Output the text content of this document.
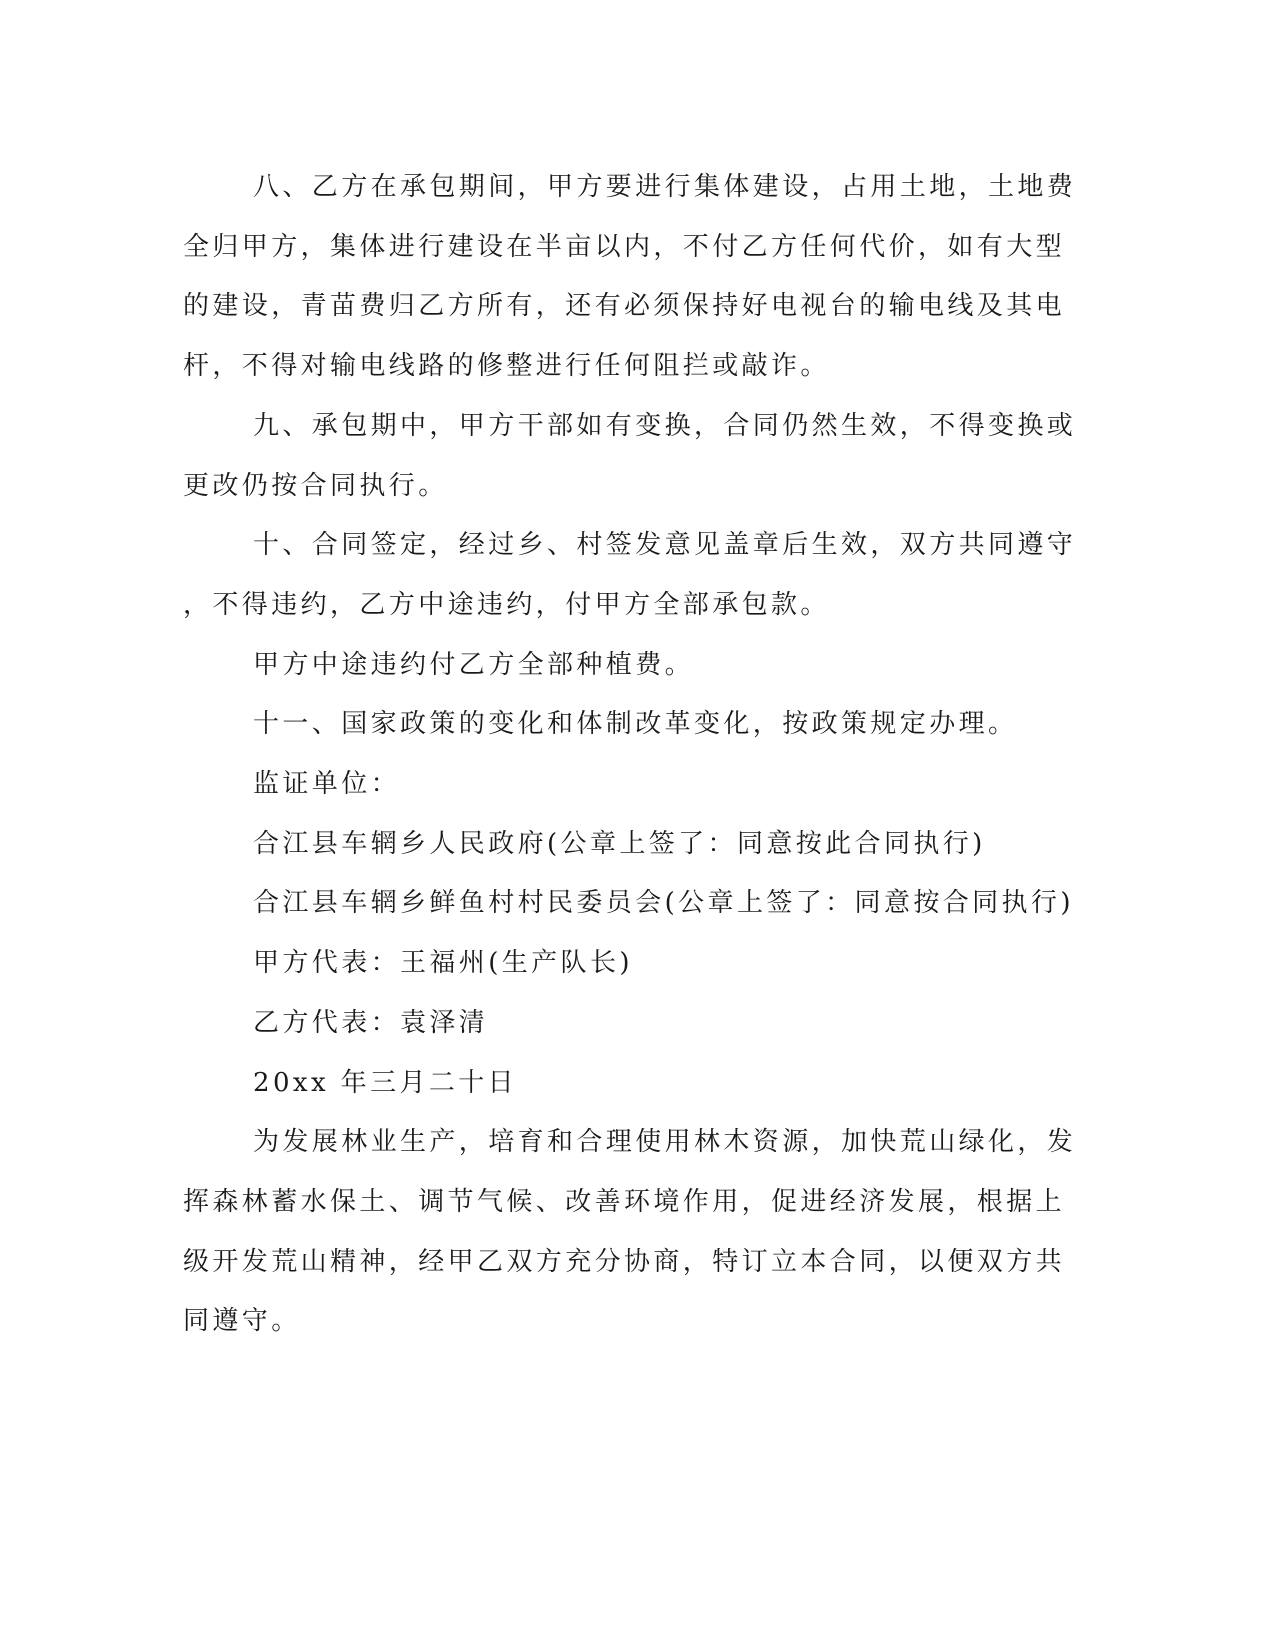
八、乙方在承包期间，甲方要进行集体建设，占用土地，土地费

全归甲方，集体进行建设在半亩以内，不付乙方任何代价，如有大型

的建设，青苗费归乙方所有，还有必须保持好电视台的输电线及其电

杆，不得对输电线路的修整进行任何阻拦或敲诈。

九、承包期中，甲方干部如有变换，合同仍然生效，不得变换或

更改仍按合同执行。

十、合同签定，经过乡、村签发意见盖章后生效，双方共同遵守

，不得违约，乙方中途违约，付甲方全部承包款。

甲方中途违约付乙方全部种植费。

十一、国家政策的变化和体制改革变化，按政策规定办理。

监证单位：

合江县车辋乡人民政府(公章上签了：同意按此合同执行)

合江县车辋乡鲜鱼村村民委员会(公章上签了：同意按合同执行)

甲方代表：王福州(生产队长)

乙方代表：袁泽清

20xx 年三月二十日

为发展林业生产，培育和合理使用林木资源，加快荒山绿化，发

挥森林蓄水保土、调节气候、改善环境作用，促进经济发展，根据上

级开发荒山精神，经甲乙双方充分协商，特订立本合同，以便双方共

同遵守。
